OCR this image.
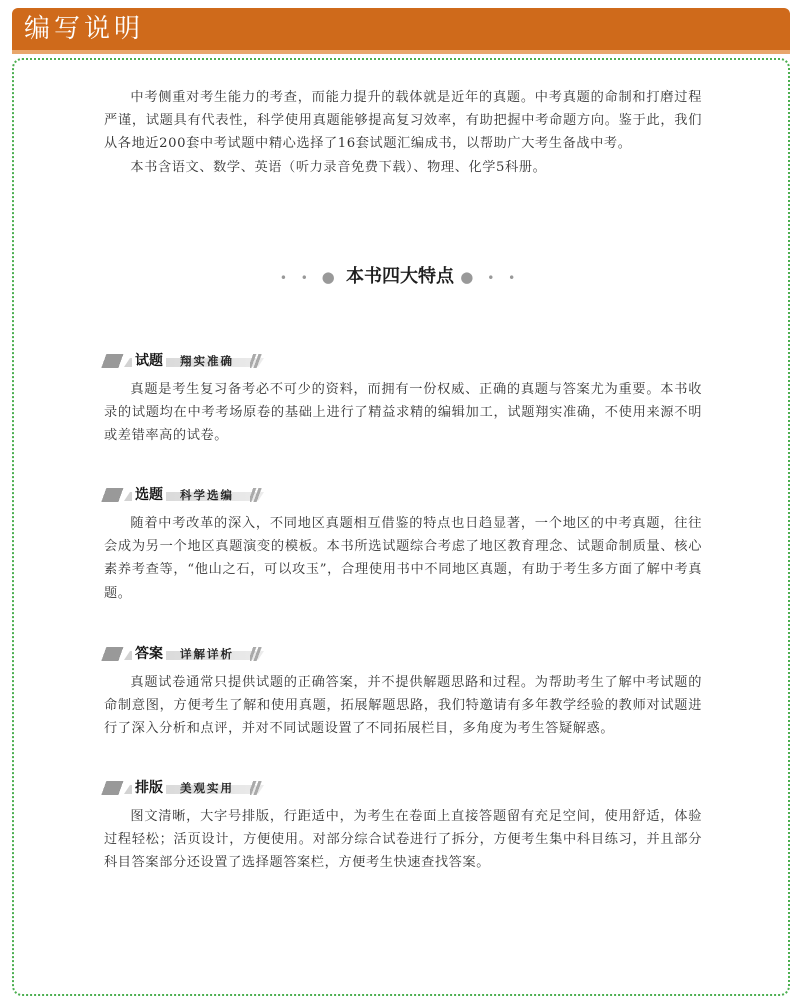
编写说明

中考侧重对考生能力的考查，而能力提升的载体就是近年的真题。中考真题的命制和打磨过程严谨，试题具有代表性，科学使用真题能够提高复习效率，有助把握中考命题方向。鉴于此，我们从各地近200套中考试题中精心选择了16套试题汇编成书，以帮助广大考生备战中考。

本书含语文、数学、英语（听力录音免费下载）、物理、化学5科册。

• • ● 本书四大特点 ● • •
试题 翔实准确

真题是考生复习备考必不可少的资料，而拥有一份权威、正确的真题与答案尤为重要。本书收录的试题均在中考考场原卷的基础上进行了精益求精的编辑加工，试题翔实准确，不使用来源不明或差错率高的试卷。

选题 科学选编

随着中考改革的深入，不同地区真题相互借鉴的特点也日趋显著，一个地区的中考真题，往往会成为另一个地区真题演变的模板。本书所选试题综合考虑了地区教育理念、试题命制质量、核心素养考查等，“他山之石，可以攻玉”，合理使用书中不同地区真题，有助于考生多方面了解中考真题。

答案 详解详析

真题试卷通常只提供试题的正确答案，并不提供解题思路和过程。为帮助考生了解中考试题的命制意图，方便考生了解和使用真题，拓展解题思路，我们特邀请有多年教学经验的教师对试题进行了深入分析和点评，并对不同试题设置了不同拓展栏目，多角度为考生答疑解惑。

排版 美观实用

图文清晰，大字号排版，行距适中，为考生在卷面上直接答题留有充足空间，使用舒适，体验过程轻松；活页设计，方便使用。对部分综合试卷进行了拆分，方便考生集中科目练习，并且部分科目答案部分还设置了选择题答案栏，方便考生快速查找答案。
